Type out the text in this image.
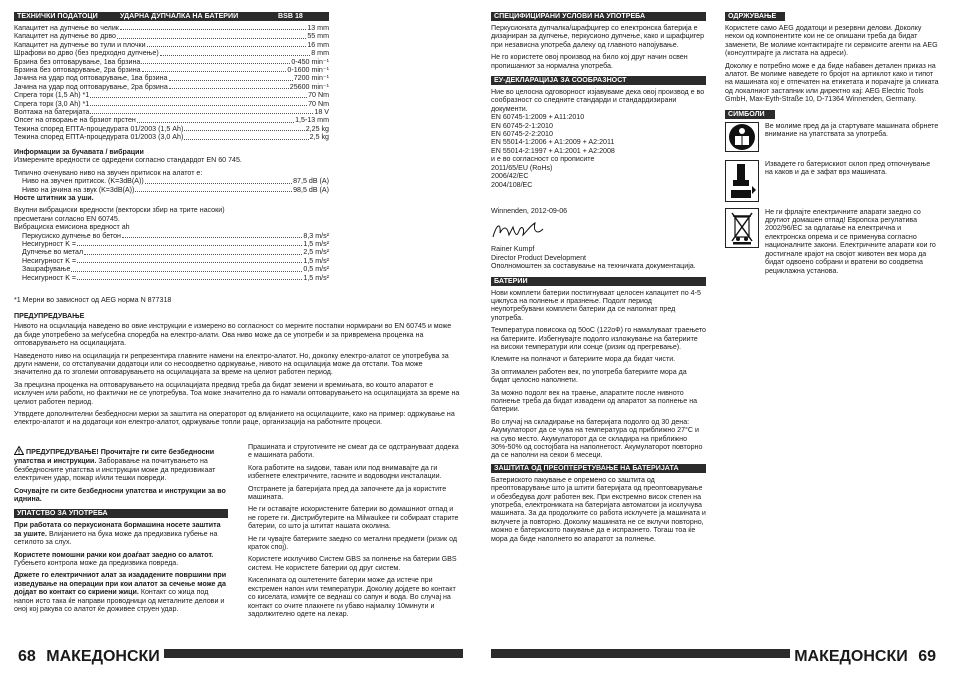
ТЕХНИЧКИ ПОДАТОЦИ	УДАРНА ДУПЧАЛКА НА БАТЕРИИ	BSB 18
Капацитет на дупчење во челик	13 mm
Капацитет на дупчење во дрво	55 mm
Капацитет на дупчење во тули и плочки	16 mm
Шрафови во дрво (без предходно дупчење)	8 mm
Брзина без оптоварување, 1ва брзина	0-450 min⁻¹
Брзина без оптоварување, 2ра брзина	0-1600 min⁻¹
Јачина на удар под оптоварување, 1ва брзина	7200 min⁻¹
Јачина на удар под оптоварување, 2ра брзина	25600 min⁻¹
Спрега торк (1,5 Ah) *1	70 Nm
Спрега торк (3,0 Ah) *1	70 Nm
Волтажа на батеријата	18 V
Опсег на отворање на брзиот прстен	1,5-13 mm
Тежина според ЕПТА-процедурата 01/2003 (1,5 Ah)	2,25 kg
Тежина според ЕПТА-процедурата 01/2003 (3,0 Ah)	2,5 kg
Информации за бучавата / вибрации
Измерените вредности се одредени согласно стандардот EN 60 745.
Типично оченувано ниво на звучен притисок на алатот е:
Ниво на звучен притисок. (K=3dB(A))	87,5 dB (A)
Ниво на јачина на звук (K=3dB(A))	98,5 dB (A)
Носте штитник за уши.
Вкупни вибрациски вредности (векторски збир на трите насоки) пресметани согласно EN 60745.
Вибрациска емисиона вредност ah
Перкусиско дупчење во бетон	8,3 m/s²
Несигурност K =	1,5 m/s²
Дупчење во метал	2,5 m/s²
Несигурност K =	1,5 m/s²
Зашрафување	0,5 m/s²
Несигурност K =	1,5 m/s²
*1 Мерни во зависност од AEG норма N 877318
ПРЕДУПРЕДУВАЊЕ

Нивото на осцилација наведено во овие инструкции е измерено во согласност со мерните постапки нормирани во EN 60745 и може да биде употребено за меѓусебна споредба на електро-алати. Ова ниво може да се употреби и за привремена проценка на оптоварувањето на осцилацијата.

Наведеното ниво на осцилација ги репрезентира главните намени на електро-алатот. Но, доколку електро-алатот се употребува за други намени, со отстапувачки додатоци или со несоодветно одржување, нивото на осцилација може да отстапи. Тоа може значително да го зголеми оптоварувањето на осцилацијата за време на целиот работен период.

За прецизна проценка на оптоварувањето на осцилацијата предвид треба да бидат земени и времињата, во кошто апаратот е исклучен или работи, но фактички не се употребува. Тоа може значително да го намали оптоварувањето на осцилацијата за време на целиот работен период.

Утврдете дополнителни безбедносни мерки за заштита на операторот од влијанието на осцилациите, како на пример: одржување на електро-алатот и на додатоци кон електро-алатот, одржување топли раце, организација на работните процеси.

ПРЕДУПРЕДУВАЊЕ! Прочитајте ги сите безбедносни упатства и инструкции. Заборавање на почитувањето на безбедносните упатства и инструкции може да предизвикаат електричен удар, пожар и/или тешки повреди.

Сочувајте ги сите безбедносни упатства и инструкции за во иднина.

УПАТСТВО ЗА УПОТРЕБА

При работата со перкусионата бормашина носете заштита за ушите. Влијанието на бука може да предизвика губење на сетилото за слух.

Користете помошни рачки кои доаѓаат заедно со алатот. Губењето контрола може да предизвика повреда.

Држете го електричниот алат за изададените површини при изведување на операции при кои алатот за сечење може да дојдат во контакт со скриени жици. Контакт со жица под напон исто така ќе направи проводници од металните делови и оној кој ракува со алатот ќе доживее струен удар.

Прашината и струготините не смеат да се одстрануваат додека е машината работи.

Кога работите на ѕидови, таван или под внимавајте да ги избегнете електричните, гасните и водоводни инсталации.

Отстранете ја батеријата пред да започнете да ја користите машината.

Не ги оставајте искористените батерии во домашниот отпад и не горете ги. Дистрибутерите на Milwaukee ги собираат старите батерии, со што ја штитат нашата околина.

Не ги чувајте батериите заедно со метални предмети (ризик од краток спој).

Користете исклучиво Систем GBS за полнење на батерии GBS систем. Не користете батерии од друг систем.

Киселината од оштетените батерии може да истече при екстремен напон или температури. Доколку дојдете во контакт со киселата, измијте се веднаш со сапун и вода. Во случај на контакт со очите плакнете ги убаво најмалку 10минути и задолжително одете на лекар.

68 МАКЕДОНСКИ
СПЕЦИФИЦИРАНИ УСЛОВИ НА УПОТРЕБА

Перкусионата дупчалка/шрафцигер со електронска батерија е дизајниран за дупчење, перкусионо дупчење, како и шрафцигер при независна употреба далеку од главното напојување.

Не го користете овој производ на било кој друг начин освен пропишаниот за нормална употреба.

ЕУ-ДЕКЛАРАЦИЈА ЗА СООБРАЗНОСТ

Ние во целосна одговорност изјавуваме дека овој производ е во сообразност со следните стандарди и стандардизирани документи.

EN 60745-1:2009 + A11:2010
EN 60745-2-1:2010
EN 60745-2-2:2010
EN 55014-1:2006 + A1:2009 + A2:2011
EN 55014-2:1997 + A1:2001 + A2:2008
и е во согласност со прописите
2011/65/EU (RoHs)
2006/42/EC
2004/108/EC
Winnenden, 2012-09-06
Rainer Kumpf
Director Product Development

Ополномоштен за составување на техничката документација.

БАТЕРИИ

Нови комплети батерии постигнуваат целосен капацитет по 4-5 циклуса на полнење и празнење. Подолг период неупотребувани комплети батерии да се наполнат пред употреба.

Температура повисока од 50оС (122оФ) го намалуваат траењето на батериите. Избегнувајте подолго изложување на батериите на високи температури или сонце (ризик од прегревање).

Клемите на полначот и батериите мора да бидат чисти.

За оптимален работен век, по употреба батериите мора да бидат целосно наполнети.

За можно подолг век на траење, апаратите после нивното полнење треба да бидат извадени од апаратот за полнење на батерии.

Во случај на складирање на батеријата подолго од 30 дена: Акумулаторот да се чува на температура од приближно 27°C и на суво место. Акумулаторот да се складира на приближно 30%-50% од состојбата на наполнетост. Акумулаторот повторно да се наполни на секои 6 месеци.

ЗАШТИТА ОД ПРЕОПТЕРЕТУВАЊЕ НА БАТЕРИЈАТА

Батериското пакување е опремено со заштита од преоптоварување што ја штити батеријата од преоптоварување и обезбедува долг работен век. При екстремно висок степен на употреба, електрониката на батеријата автоматски ја исклучува машината. За да продолжите со работа исклучете ја машината и вклучете ја повторно. Доколку машината не се вклучи повторно, можно е батериското пакување да е испразнето. Тогаш тоа ќе мора да биде наполнето во апаратот за полнење.

ОДРЖУВАЊЕ

Користете само AEG додатоци и резервни делови. Доколку некои од компонентите кои не се опишани треба да бидат заменети, Ве молиме контактирајте ги сервисите агенти на AEG (консултирајте ја листата на адреси).

Доколку е потребно може е да биде набавен детален приказ на алатот. Ве молиме наведете го бројот на артиклот како и типот на машината кој е отпечатен на етикетата и порачајте ја сликата од локалниот застапник или директно кај: AEG Electric Tools GmbH, Max-Eyth-Straße 10, D-71364 Winnenden, Germany.

СИМБОЛИ
Ве молиме пред да ја стартувате машината обрнете внимание на упатствата за употреба.
Извадете го батерискиот склоп пред отпочнување на каков и да е зафат врз машината.
Не ги фрлајте електричните апарати заедно со другиот домашен отпад! Европска регулатива 2002/96/EC за одлагање на електрична и електронска опрема и се применува согласно националните закони. Електричните апарати кои го достигнале крајот на својот животен век мора да бидат одвоено собрани и вратени во соодветна рециклажна установа.
МАКЕДОНСКИ 69
